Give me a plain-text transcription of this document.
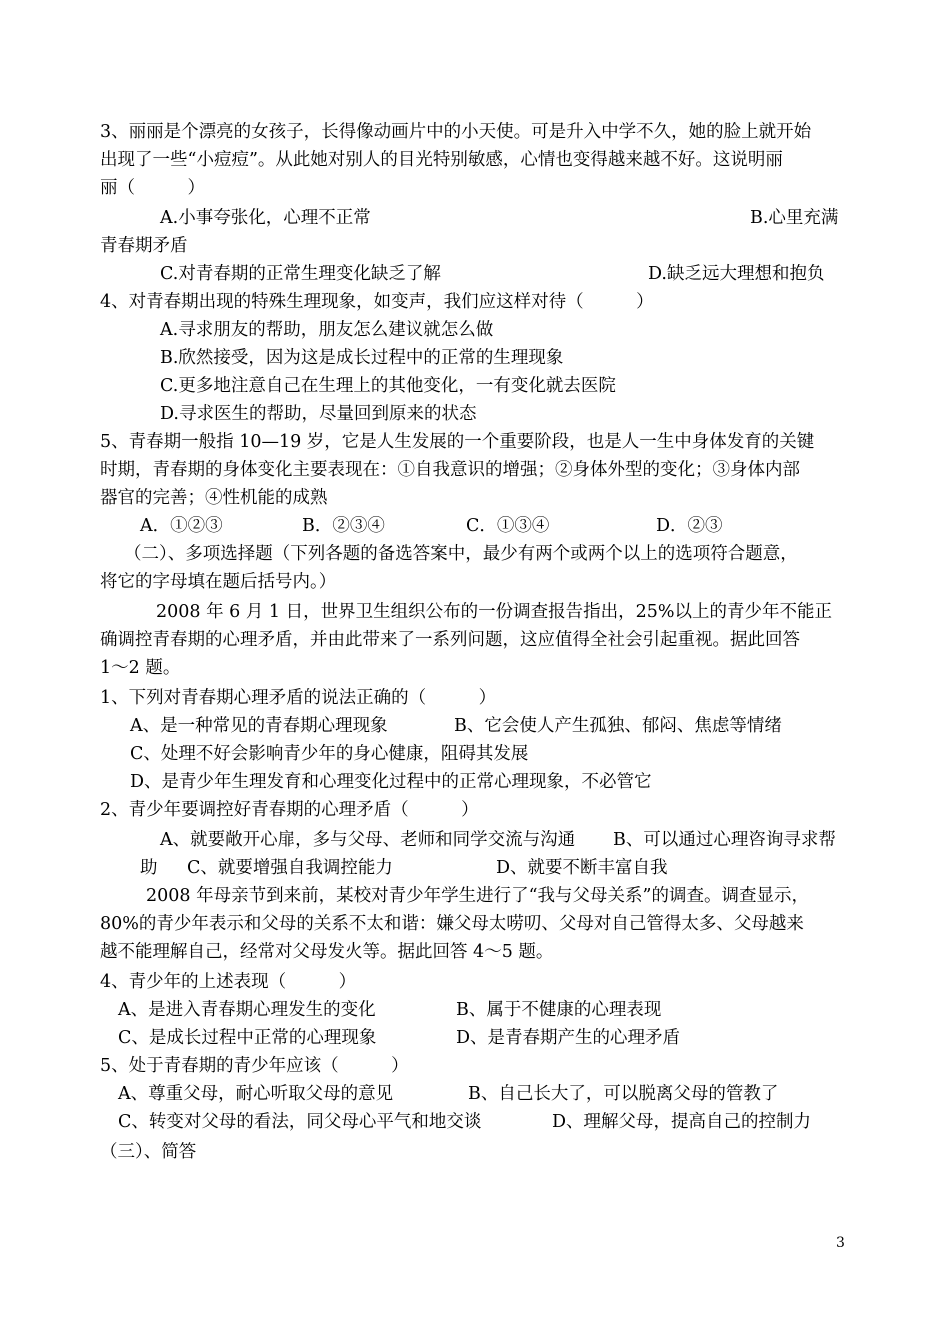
3、丽丽是个漂亮的女孩子，长得像动画片中的小天使。可是升入中学不久，她的脸上就开始
出现了一些“小痘痘”。从此她对别人的目光特别敏感，心情也变得越来越不好。这说明丽
丽（　　　）
A.小事夸张化，心理不正常	B.心里充满
青春期矛盾
C.对青春期的正常生理变化缺乏了解	D.缺乏远大理想和抱负
4、对青春期出现的特殊生理现象，如变声，我们应这样对待（　　　）
A.寻求朋友的帮助，朋友怎么建议就怎么做
B.欣然接受，因为这是成长过程中的正常的生理现象
C.更多地注意自己在生理上的其他变化，一有变化就去医院
D.寻求医生的帮助，尽量回到原来的状态
5、青春期一般指 10—19 岁，它是人生发展的一个重要阶段，也是人一生中身体发育的关键
时期，青春期的身体变化主要表现在：①自我意识的增强；②身体外型的变化；③身体内部
器官的完善；④性机能的成熟
A．①②③	B．②③④	C．①③④	D．②③
（二）、多项选择题（下列各题的备选答案中，最少有两个或两个以上的选项符合题意，
将它的字母填在题后括号内。）
2008 年 6 月 1 日，世界卫生组织公布的一份调查报告指出，25%以上的青少年不能正
确调控青春期的心理矛盾，并由此带来了一系列问题，这应值得全社会引起重视。据此回答
1～2 题。
1、下列对青春期心理矛盾的说法正确的（　　　）
A、是一种常见的青春期心理现象	B、它会使人产生孤独、郁闷、焦虑等情绪
C、处理不好会影响青少年的身心健康，阻碍其发展
D、是青少年生理发育和心理变化过程中的正常心理现象，不必管它
2、青少年要调控好青春期的心理矛盾（　　　）
A、就要敞开心扉，多与父母、老师和同学交流与沟通 B、可以通过心理咨询寻求帮
助 C、就要增强自我调控能力	D、就要不断丰富自我
2008 年母亲节到来前，某校对青少年学生进行了“我与父母关系”的调查。调查显示，
80%的青少年表示和父母的关系不太和谐：嫌父母太唠叨、父母对自己管得太多、父母越来
越不能理解自己，经常对父母发火等。据此回答 4～5 题。
4、青少年的上述表现（　　　）
A、是进入青春期心理发生的变化	B、属于不健康的心理表现
C、是成长过程中正常的心理现象	D、是青春期产生的心理矛盾
5、处于青春期的青少年应该（　　　）
A、尊重父母，耐心听取父母的意见	B、自己长大了，可以脱离父母的管教了
C、转变对父母的看法，同父母心平气和地交谈	D、理解父母，提高自己的控制力
（三）、简答
3
